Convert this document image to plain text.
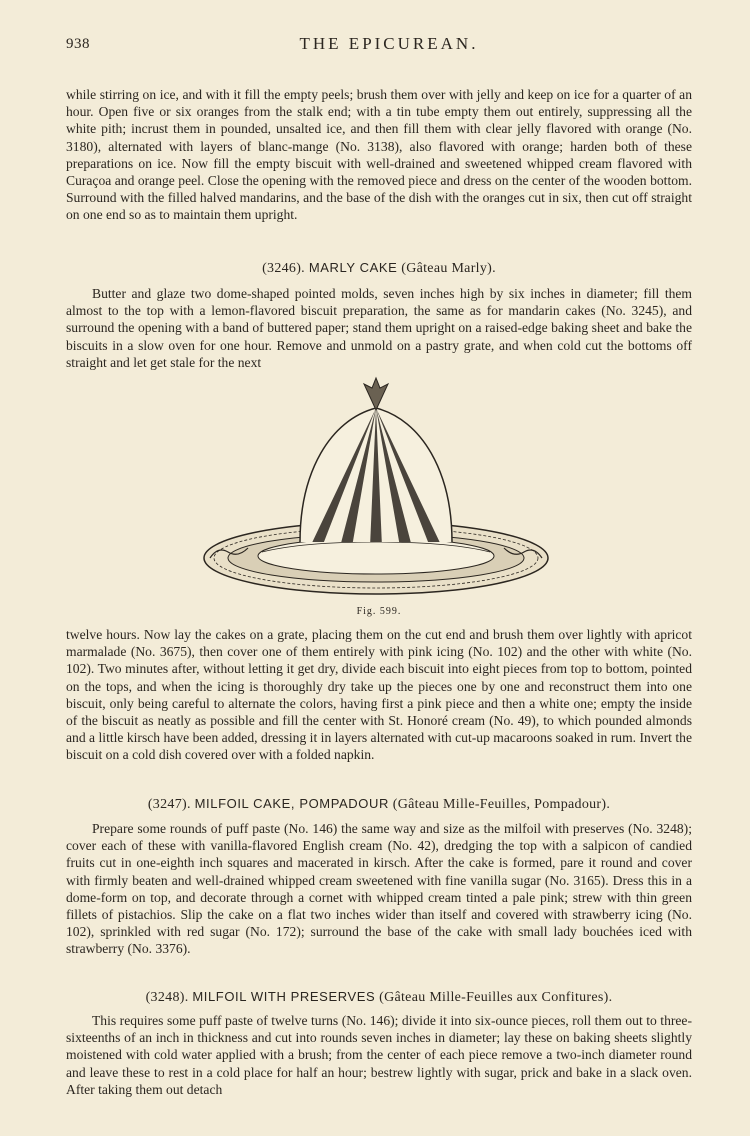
938	THE EPICUREAN.

while stirring on ice, and with it fill the empty peels; brush them over with jelly and keep on ice for a quarter of an hour. Open five or six oranges from the stalk end; with a tin tube empty them out entirely, suppressing all the white pith; incrust them in pounded, unsalted ice, and then fill them with clear jelly flavored with orange (No. 3180), alternated with layers of blanc-mange (No. 3138), also flavored with orange; harden both of these preparations on ice. Now fill the empty biscuit with well-drained and sweetened whipped cream flavored with Curaçoa and orange peel. Close the opening with the removed piece and dress on the center of the wooden bottom. Surround with the filled halved mandarins, and the base of the dish with the oranges cut in six, then cut off straight on one end so as to maintain them upright.

(3246). MARLY CAKE (Gâteau Marly).

Butter and glaze two dome-shaped pointed molds, seven inches high by six inches in diameter; fill them almost to the top with a lemon-flavored biscuit preparation, the same as for mandarin cakes (No. 3245), and surround the opening with a band of buttered paper; stand them upright on a raised-edge baking sheet and bake the biscuits in a slow oven for one hour. Remove and unmold on a pastry grate, and when cold cut the bottoms off straight and let get stale for the next

Fig. 599.

twelve hours. Now lay the cakes on a grate, placing them on the cut end and brush them over lightly with apricot marmalade (No. 3675), then cover one of them entirely with pink icing (No. 102) and the other with white (No. 102). Two minutes after, without letting it get dry, divide each biscuit into eight pieces from top to bottom, pointed on the tops, and when the icing is thoroughly dry take up the pieces one by one and reconstruct them into one biscuit, only being careful to alternate the colors, having first a pink piece and then a white one; empty the inside of the biscuit as neatly as possible and fill the center with St. Honoré cream (No. 49), to which pounded almonds and a little kirsch have been added, dressing it in layers alternated with cut-up macaroons soaked in rum. Invert the biscuit on a cold dish covered over with a folded napkin.

(3247). MILFOIL CAKE, POMPADOUR (Gâteau Mille-Feuilles, Pompadour).

Prepare some rounds of puff paste (No. 146) the same way and size as the milfoil with preserves (No. 3248); cover each of these with vanilla-flavored English cream (No. 42), dredging the top with a salpicon of candied fruits cut in one-eighth inch squares and macerated in kirsch. After the cake is formed, pare it round and cover with firmly beaten and well-drained whipped cream sweetened with fine vanilla sugar (No. 3165). Dress this in a dome-form on top, and decorate through a cornet with whipped cream tinted a pale pink; strew with thin green fillets of pistachios. Slip the cake on a flat two inches wider than itself and covered with strawberry icing (No. 102), sprinkled with red sugar (No. 172); surround the base of the cake with small lady bouchées iced with strawberry (No. 3376).

(3248). MILFOIL WITH PRESERVES (Gâteau Mille-Feuilles aux Confitures).

This requires some puff paste of twelve turns (No. 146); divide it into six-ounce pieces, roll them out to three-sixteenths of an inch in thickness and cut into rounds seven inches in diameter; lay these on baking sheets slightly moistened with cold water applied with a brush; from the center of each piece remove a two-inch diameter round and leave these to rest in a cold place for half an hour; bestrew lightly with sugar, prick and bake in a slack oven. After taking them out detach
